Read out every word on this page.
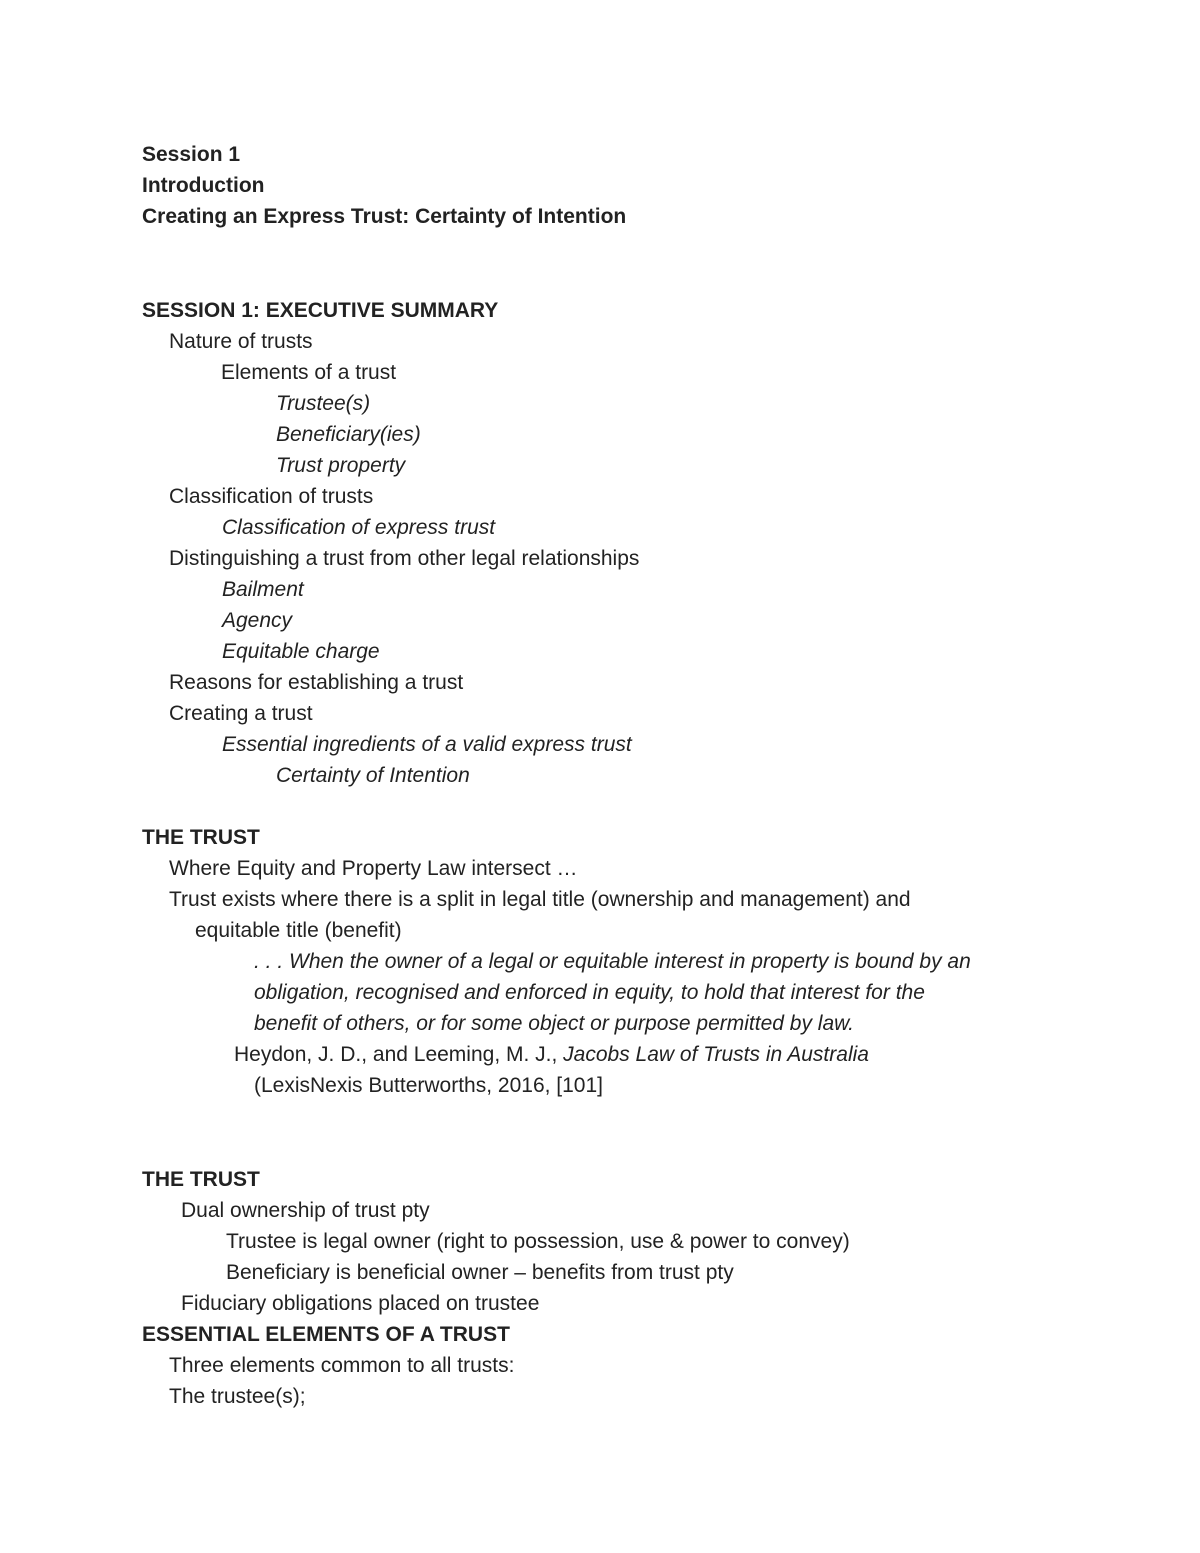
Session 1
Introduction
Creating an Express Trust: Certainty of Intention
SESSION 1: EXECUTIVE SUMMARY
Nature of trusts
Elements of a trust
Trustee(s)
Beneficiary(ies)
Trust property
Classification of trusts
Classification of express trust
Distinguishing a trust from other legal relationships
Bailment
Agency
Equitable charge
Reasons for establishing a trust
Creating a trust
Essential ingredients of a valid express trust
Certainty of Intention
THE TRUST
Where Equity and Property Law intersect …
Trust exists where there is a split in legal title (ownership and management) and
equitable title (benefit)
. . . When the owner of a legal or equitable interest in property is bound by an
obligation, recognised and enforced in equity, to hold that interest for the
benefit of others, or for some object or purpose permitted by law.
Heydon, J. D., and Leeming, M. J., Jacobs Law of Trusts in Australia
(LexisNexis Butterworths, 2016, [101]
THE TRUST
Dual ownership of trust pty
Trustee is legal owner (right to possession, use & power to convey)
Beneficiary is beneficial owner – benefits from trust pty
Fiduciary obligations placed on trustee
ESSENTIAL ELEMENTS OF A TRUST
Three elements common to all trusts:
The trustee(s);
